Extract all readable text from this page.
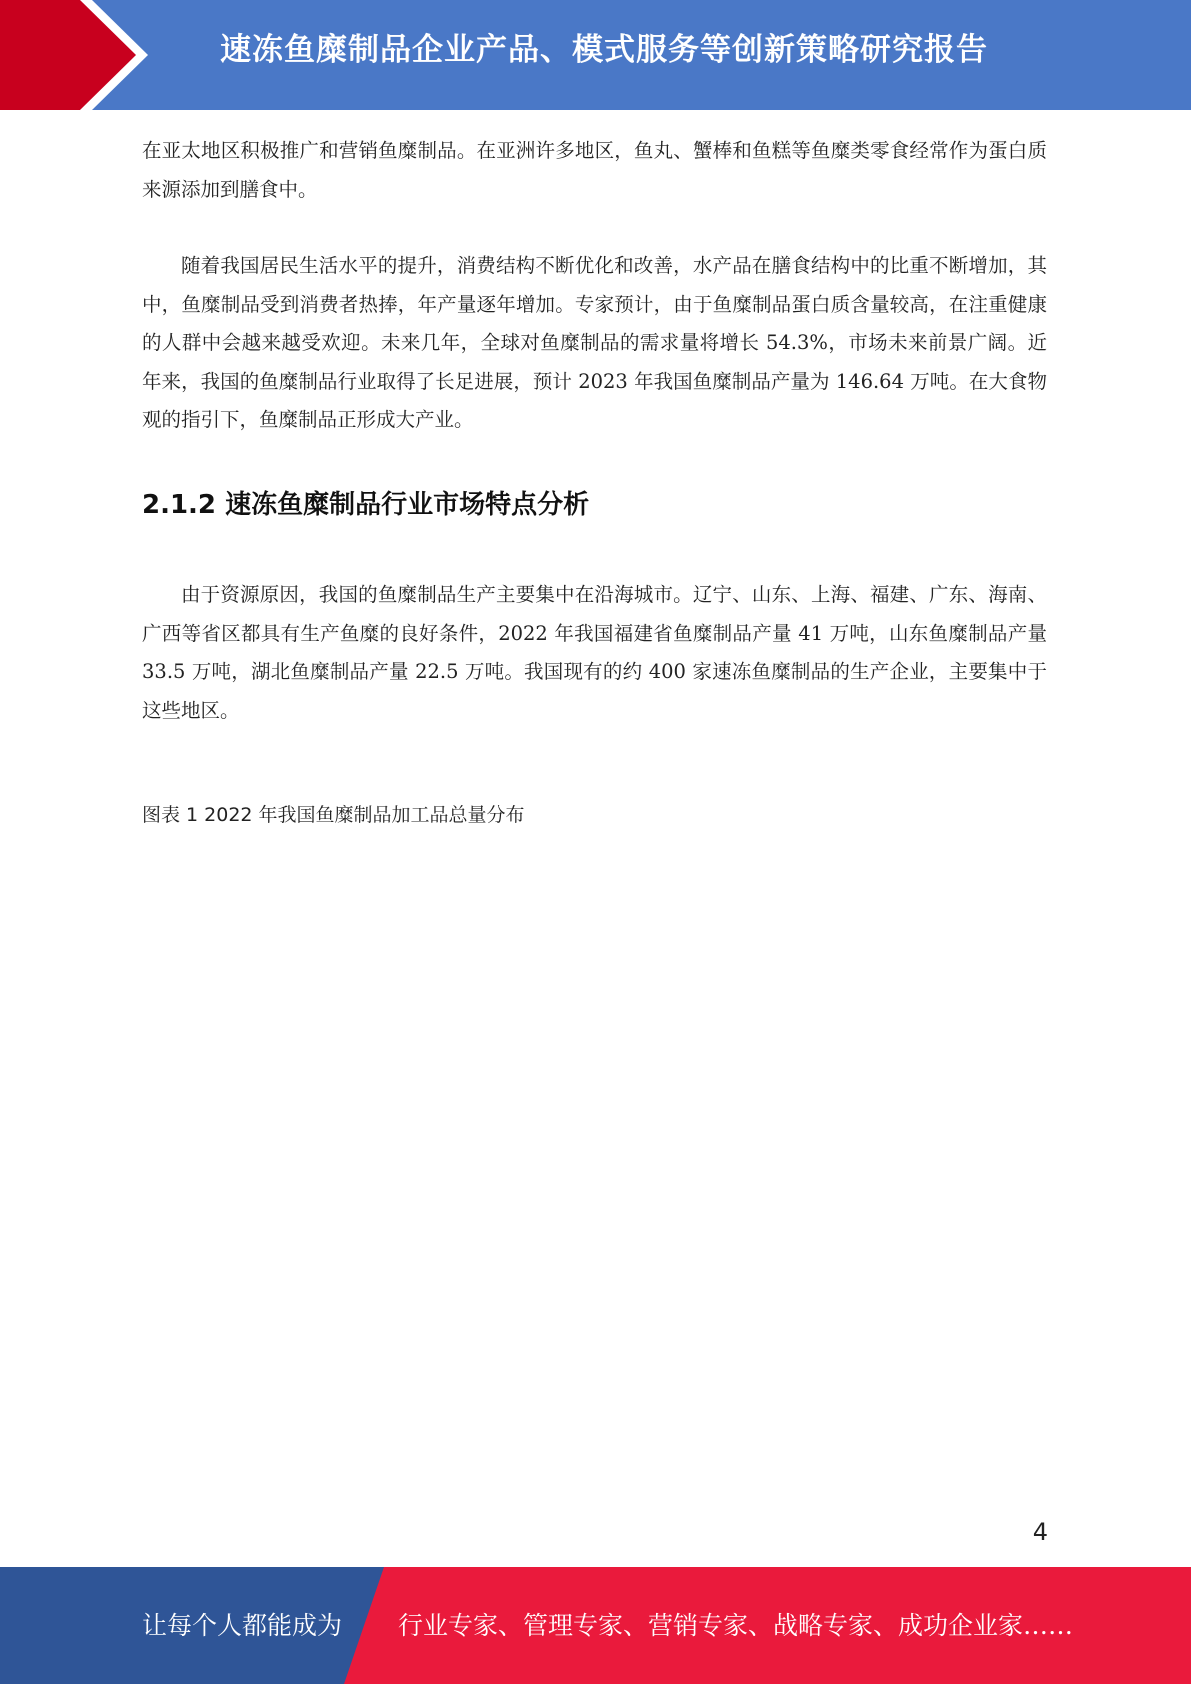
速冻鱼糜制品企业产品、模式服务等创新策略研究报告

在亚太地区积极推广和营销鱼糜制品。在亚洲许多地区，鱼丸、蟹棒和鱼糕等鱼糜类零食经常作为蛋白质来源添加到膳食中。

随着我国居民生活水平的提升，消费结构不断优化和改善，水产品在膳食结构中的比重不断增加，其中，鱼糜制品受到消费者热捧，年产量逐年增加。专家预计，由于鱼糜制品蛋白质含量较高，在注重健康的人群中会越来越受欢迎。未来几年，全球对鱼糜制品的需求量将增长 54.3%，市场未来前景广阔。近年来，我国的鱼糜制品行业取得了长足进展，预计 2023 年我国鱼糜制品产量为 146.64 万吨。在大食物观的指引下，鱼糜制品正形成大产业。

2.1.2 速冻鱼糜制品行业市场特点分析

由于资源原因，我国的鱼糜制品生产主要集中在沿海城市。辽宁、山东、上海、福建、广东、海南、广西等省区都具有生产鱼糜的良好条件，2022 年我国福建省鱼糜制品产量 41 万吨，山东鱼糜制品产量 33.5 万吨，湖北鱼糜制品产量 22.5 万吨。我国现有的约 400 家速冻鱼糜制品的生产企业，主要集中于这些地区。

图表 1 2022 年我国鱼糜制品加工品总量分布
4
让每个人都能成为 行业专家、管理专家、营销专家、战略专家、成功企业家……
